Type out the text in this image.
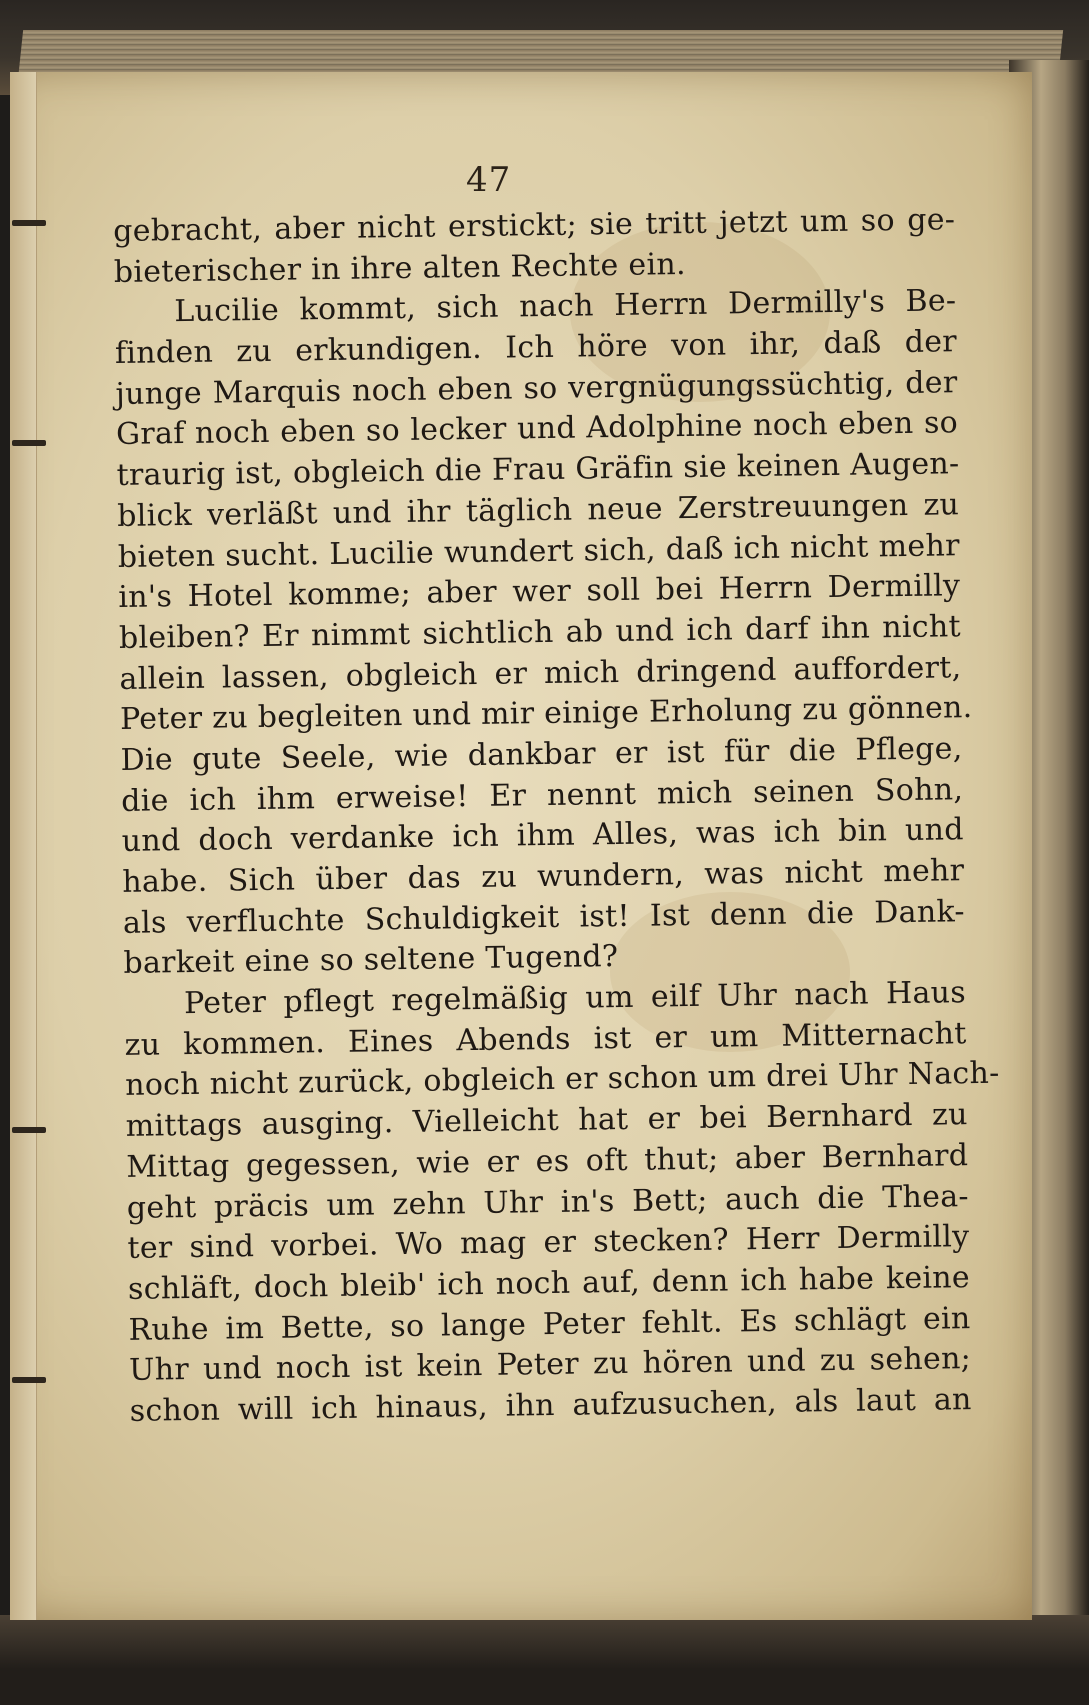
47
gebracht, aber nicht erstickt; sie tritt jetzt um so ge-
bieterischer in ihre alten Rechte ein.
Lucilie kommt, sich nach Herrn Dermilly's Be-
finden zu erkundigen. Ich höre von ihr, daß der
junge Marquis noch eben so vergnügungssüchtig, der
Graf noch eben so lecker und Adolphine noch eben so
traurig ist, obgleich die Frau Gräfin sie keinen Augen-
blick verläßt und ihr täglich neue Zerstreuungen zu
bieten sucht. Lucilie wundert sich, daß ich nicht mehr
in's Hotel komme; aber wer soll bei Herrn Dermilly
bleiben? Er nimmt sichtlich ab und ich darf ihn nicht
allein lassen, obgleich er mich dringend auffordert,
Peter zu begleiten und mir einige Erholung zu gönnen.
Die gute Seele, wie dankbar er ist für die Pflege,
die ich ihm erweise! Er nennt mich seinen Sohn,
und doch verdanke ich ihm Alles, was ich bin und
habe. Sich über das zu wundern, was nicht mehr
als verfluchte Schuldigkeit ist! Ist denn die Dank-
barkeit eine so seltene Tugend?
Peter pflegt regelmäßig um eilf Uhr nach Haus
zu kommen. Eines Abends ist er um Mitternacht
noch nicht zurück, obgleich er schon um drei Uhr Nach-
mittags ausging. Vielleicht hat er bei Bernhard zu
Mittag gegessen, wie er es oft thut; aber Bernhard
geht präcis um zehn Uhr in's Bett; auch die Thea-
ter sind vorbei. Wo mag er stecken? Herr Dermilly
schläft, doch bleib' ich noch auf, denn ich habe keine
Ruhe im Bette, so lange Peter fehlt. Es schlägt ein
Uhr und noch ist kein Peter zu hören und zu sehen;
schon will ich hinaus, ihn aufzusuchen, als laut an
